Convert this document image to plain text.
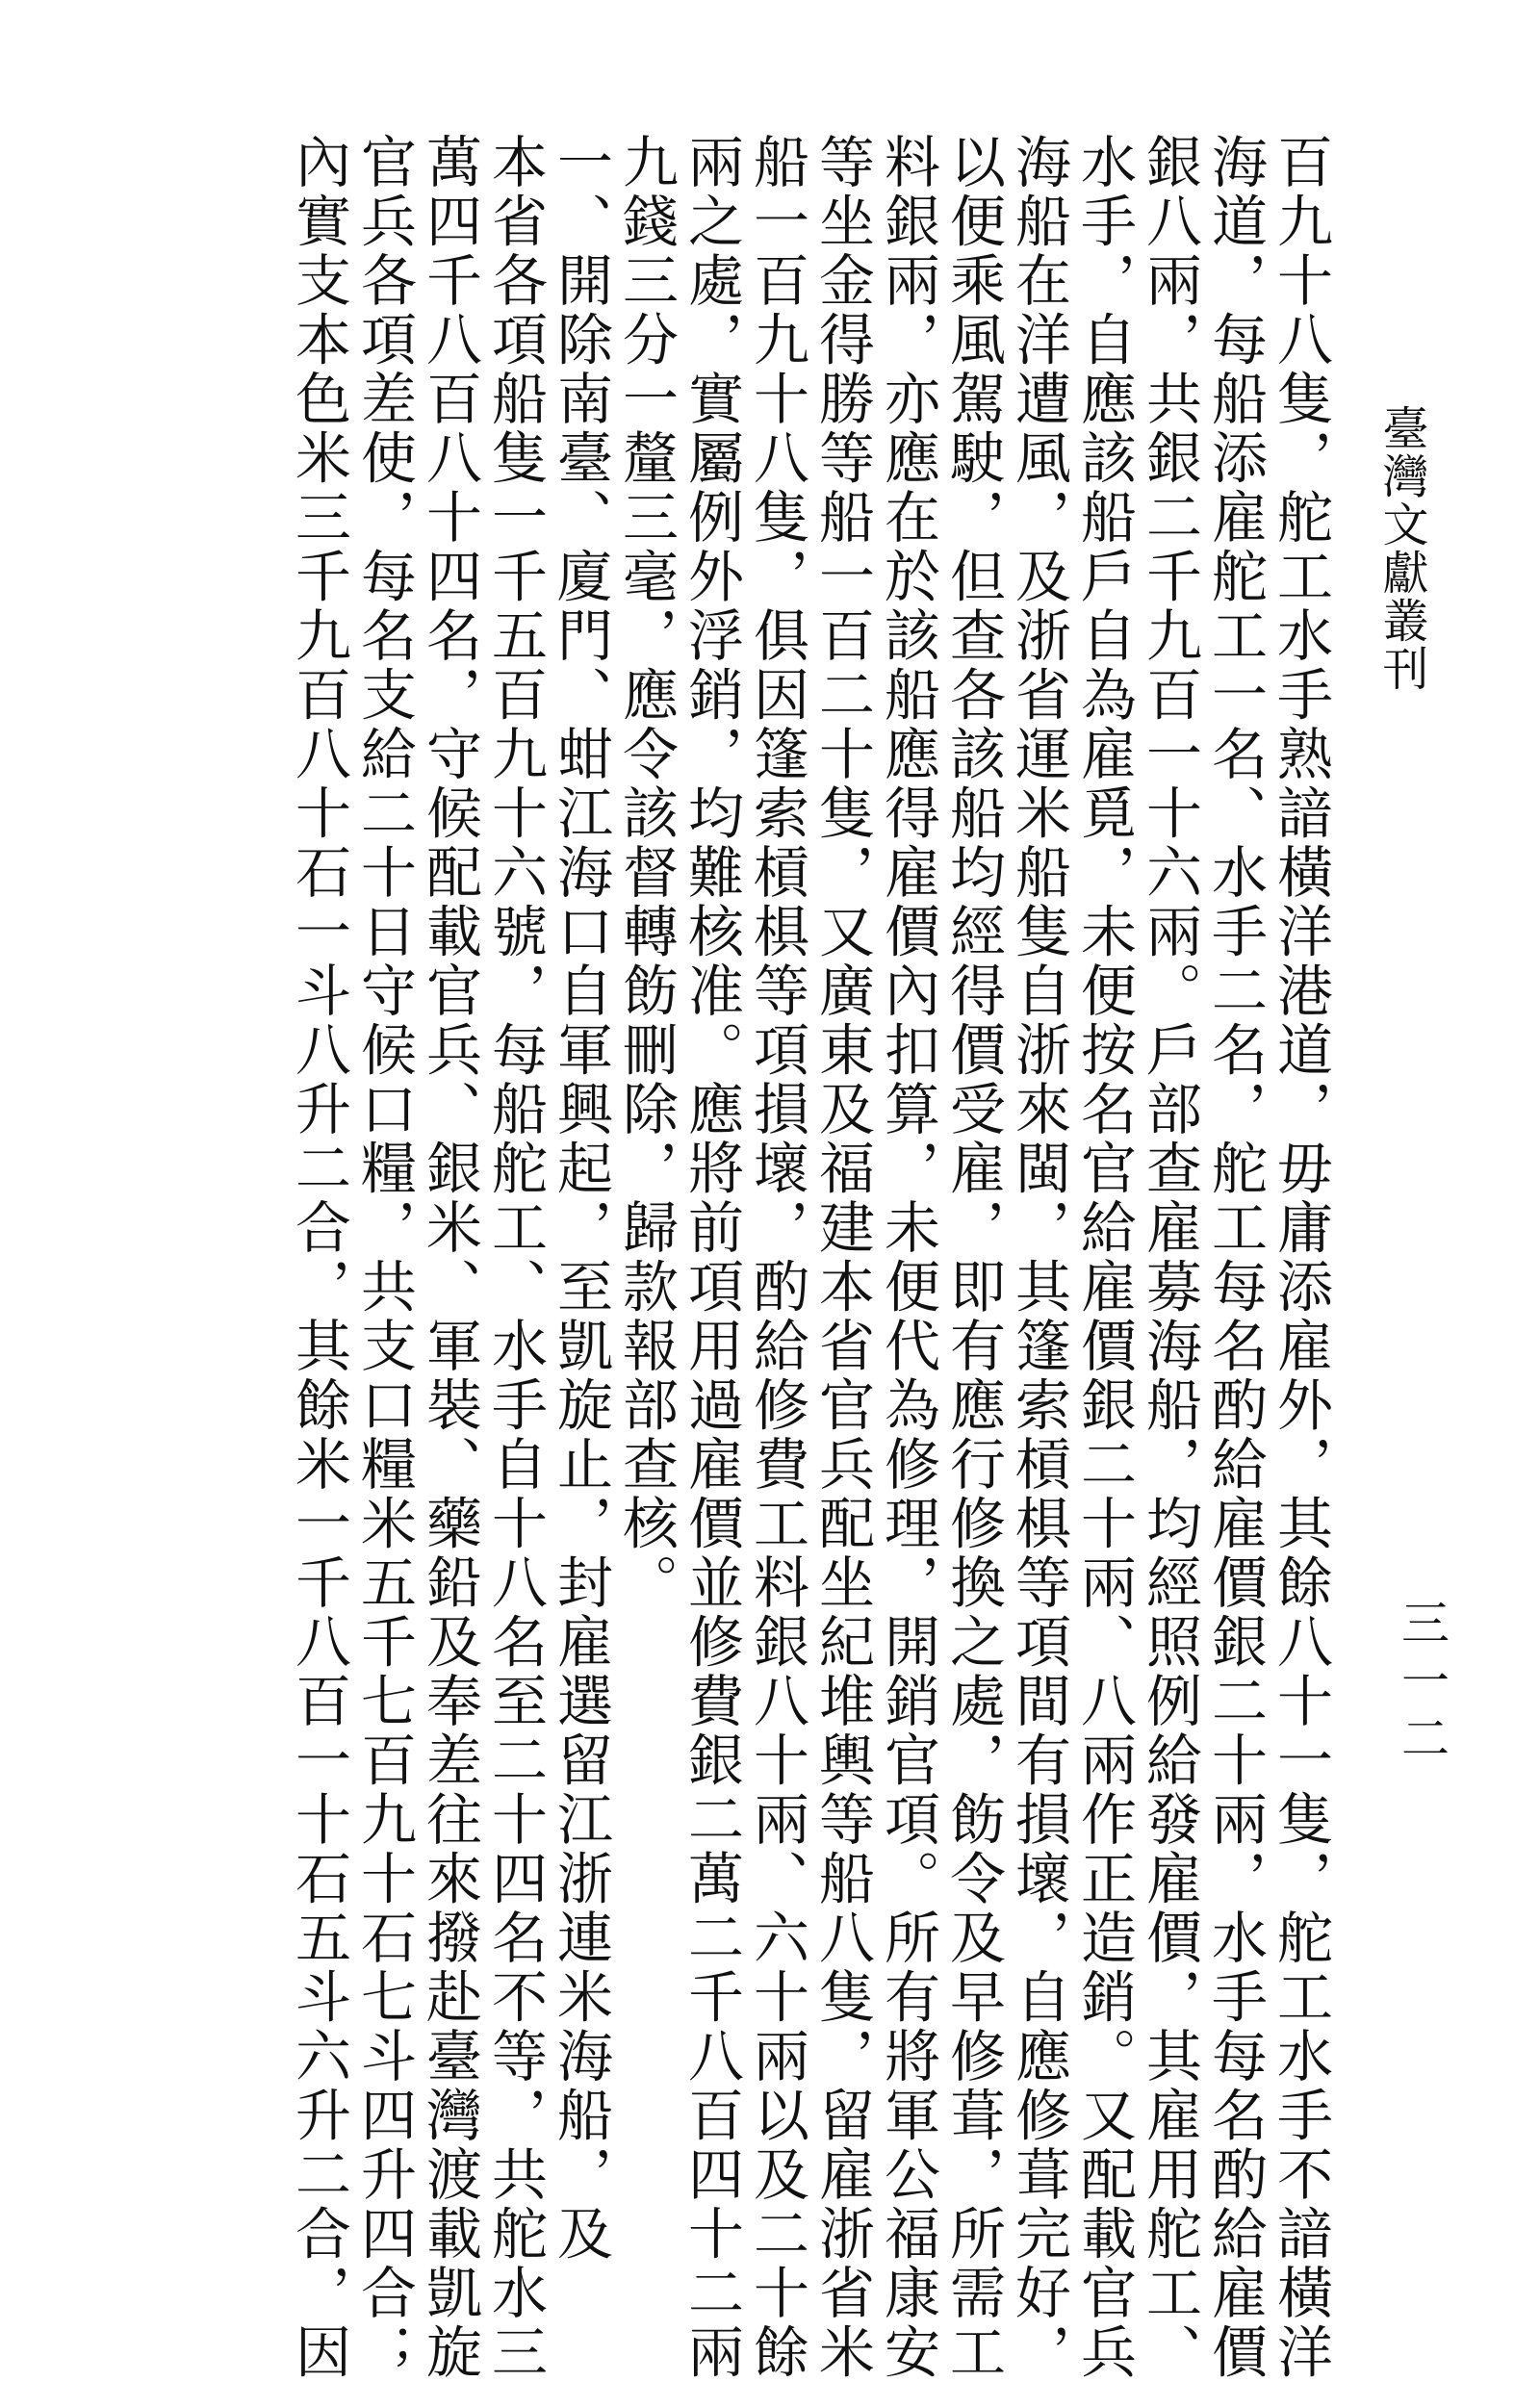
臺灣文獻叢刊
三一二
百九十八隻，舵工水手熟諳橫洋港道，毋庸添雇外，其餘八十一隻，舵工水手不諳橫洋
海道，每船添雇舵工一名、水手二名，舵工每名酌給雇價銀二十兩，水手每名酌給雇價
銀八兩，共銀二千九百一十六兩。戶部查雇募海船，均經照例給發雇價，其雇用舵工、
水手，自應該船戶自為雇覓，未便按名官給雇價銀二十兩、八兩作正造銷。又配載官兵
海船在洋遭風，及浙省運米船隻自浙來閩，其篷索槓椇等項間有損壞，自應修葺完好，
以便乘風駕駛，但查各該船均經得價受雇，即有應行修換之處，飭令及早修葺，所需工
料銀兩，亦應在於該船應得雇價內扣算，未便代為修理，開銷官項。所有將軍公福康安
等坐金得勝等船一百二十隻，又廣東及福建本省官兵配坐紀堆輿等船八隻，留雇浙省米
船一百九十八隻，俱因篷索槓椇等項損壞，酌給修費工料銀八十兩、六十兩以及二十餘
兩之處，實屬例外浮銷，均難核准。應將前項用過雇價並修費銀二萬二千八百四十二兩
九錢三分一釐三毫，應令該督轉飭刪除，歸款報部查核。
一、開除南臺、廈門、蚶江海口自軍興起，至凱旋止，封雇選留江浙連米海船，及
本省各項船隻一千五百九十六號，每船舵工、水手自十八名至二十四名不等，共舵水三
萬四千八百八十四名，守候配載官兵、銀米、軍裝、藥鉛及奉差往來撥赴臺灣渡載凱旋
官兵各項差使，每名支給二十日守候口糧，共支口糧米五千七百九十石七斗四升四合；
內實支本色米三千九百八十石一斗八升二合，其餘米一千八百一十石五斗六升二合，因
